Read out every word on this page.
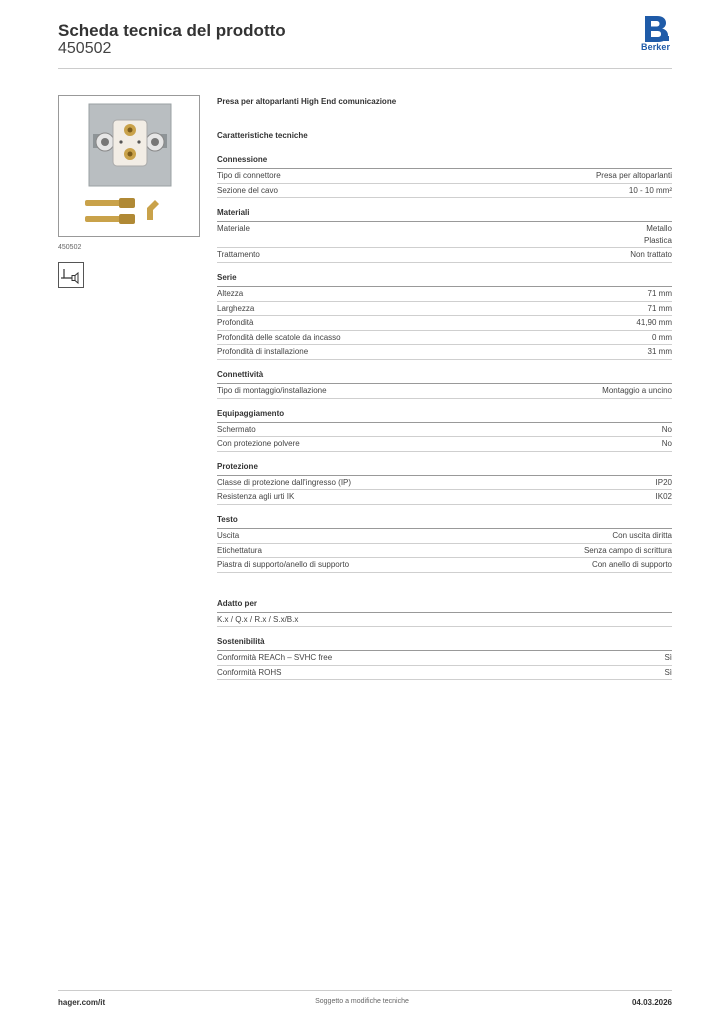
Scheda tecnica del prodotto
450502	Berker
450502
Presa per altoparlanti High End comunicazione
Caratteristiche tecniche
Connessione
Tipo di connettore	Presa per altoparlanti
Sezione del cavo	10 - 10 mm²
Materiali
Materiale	Metallo
Plastica
Trattamento	Non trattato
Serie
Altezza	71 mm
Larghezza	71 mm
Profondità	41,90 mm
Profondità delle scatole da incasso	0 mm
Profondità di installazione	31 mm
Connettività
Tipo di montaggio/installazione	Montaggio a uncino
Equipaggiamento
Schermato	No
Con protezione polvere	No
Protezione
Classe di protezione dall'ingresso (IP)	IP20
Resistenza agli urti IK	IK02
Testo
Uscita	Con uscita diritta
Etichettatura	Senza campo di scrittura
Piastra di supporto/anello di supporto	Con anello di supporto
Adatto per
K.x / Q.x / R.x / S.x/B.x
Sostenibilità
Conformità REACh – SVHC free	Sì
Conformità ROHS	Sì
hager.com/it	Soggetto a modifiche tecniche	04.03.2026
